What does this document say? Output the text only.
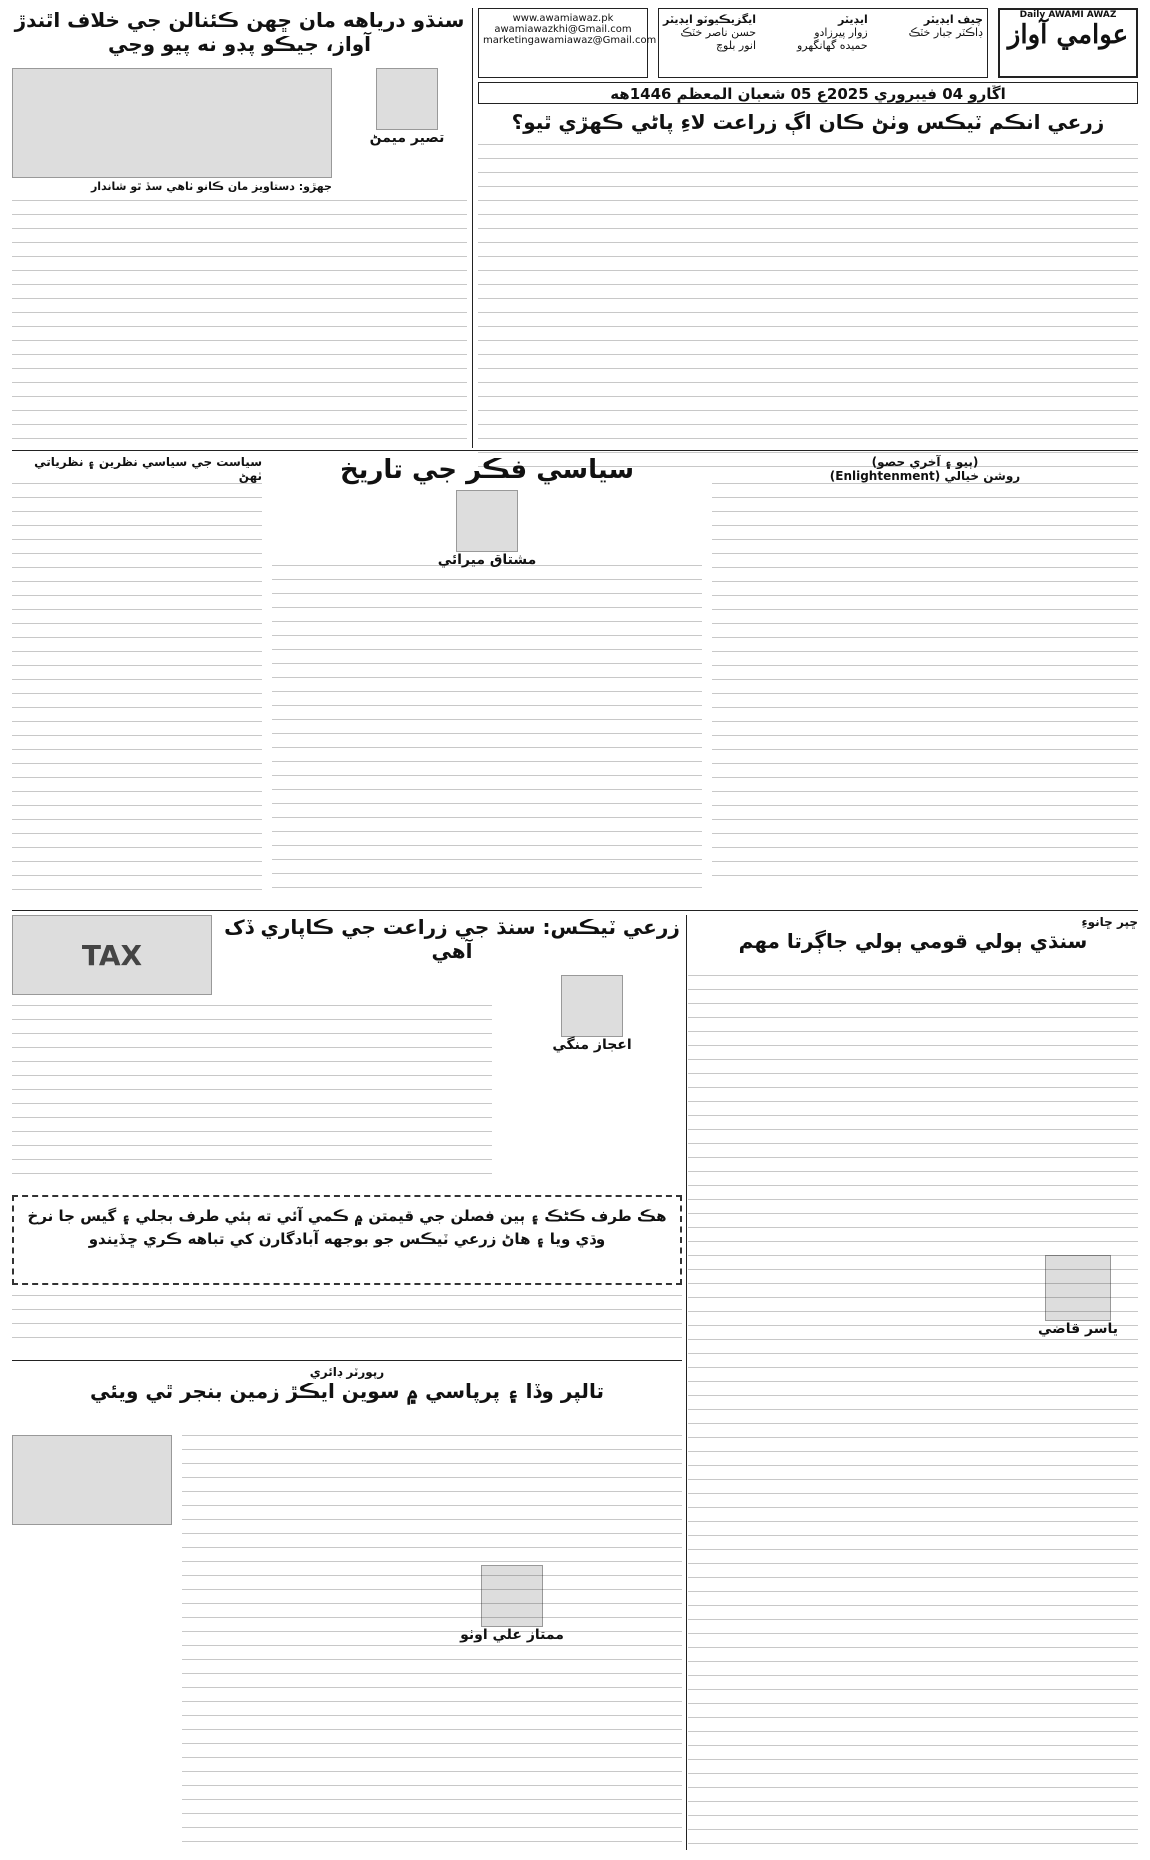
Daily AWAMI AWAZ
عوامي آواز
چيف ايڊيٽر
ڊاڪٽر جبار خٽڪ
ايڊيٽر
زوار پيرزادو
حميده گهانگهرو
ايگزيڪيوٽو ايڊيٽر
حسن ناصر خٽڪ
انور بلوچ
www.awamiawaz.pk
awamiawazkhi@Gmail.com
marketingawamiawaz@Gmail.com
اڱارو 04 فيبروري 2025ع 05 شعبان المعظم 1446هه
سنڌو درياهه مان ڇهن ڪئنالن جي خلاف اٿندڙ آواز، جيڪو پڊو نه پيو وڃي
تصير ميمڻ
جهڙو: دستاويز مان ڪانو ٺاهي سڏ ٿو شاندار
زرعي انڪم ٽيڪس وٺڻ ڪان اڳ زراعت لاءِ پاڻي ڪهڙي ٿيو؟
سياست جي سياسي نظرين ۽ نظرياتي ٺهڻ	سياسي فڪر جي تاريخ
مشتاق ميرائي
(ٻيو ۽ آخري حصو)
روشن خيالي (Enlightenment)
TAX
زرعي ٽيڪس: سنڌ جي زراعت جي ڪاپاري ڏک آهي
اعجاز منگي
هڪ طرف ڪڻڪ ۽ ٻين فصلن جي قيمتن ۾ ڪمي آئي ته ٻئي طرف بجلي ۽ گيس جا نرخ وڌي ويا ۽ هاڻ زرعي ٽيڪس جو بوجهه آبادگارن کي تباهه ڪري ڇڏيندو
ڇپر ڇانوءِ
سنڌي ٻولي قومي ٻولي جاڳرتا مهم
ياسر قاضي
رپورٽر ڊائري
تالپر وڏا ۽ پرپاسي ۾ سوين ايڪڙ زمين بنجر ٿي ويئي
ممتاز علي اوٺو
